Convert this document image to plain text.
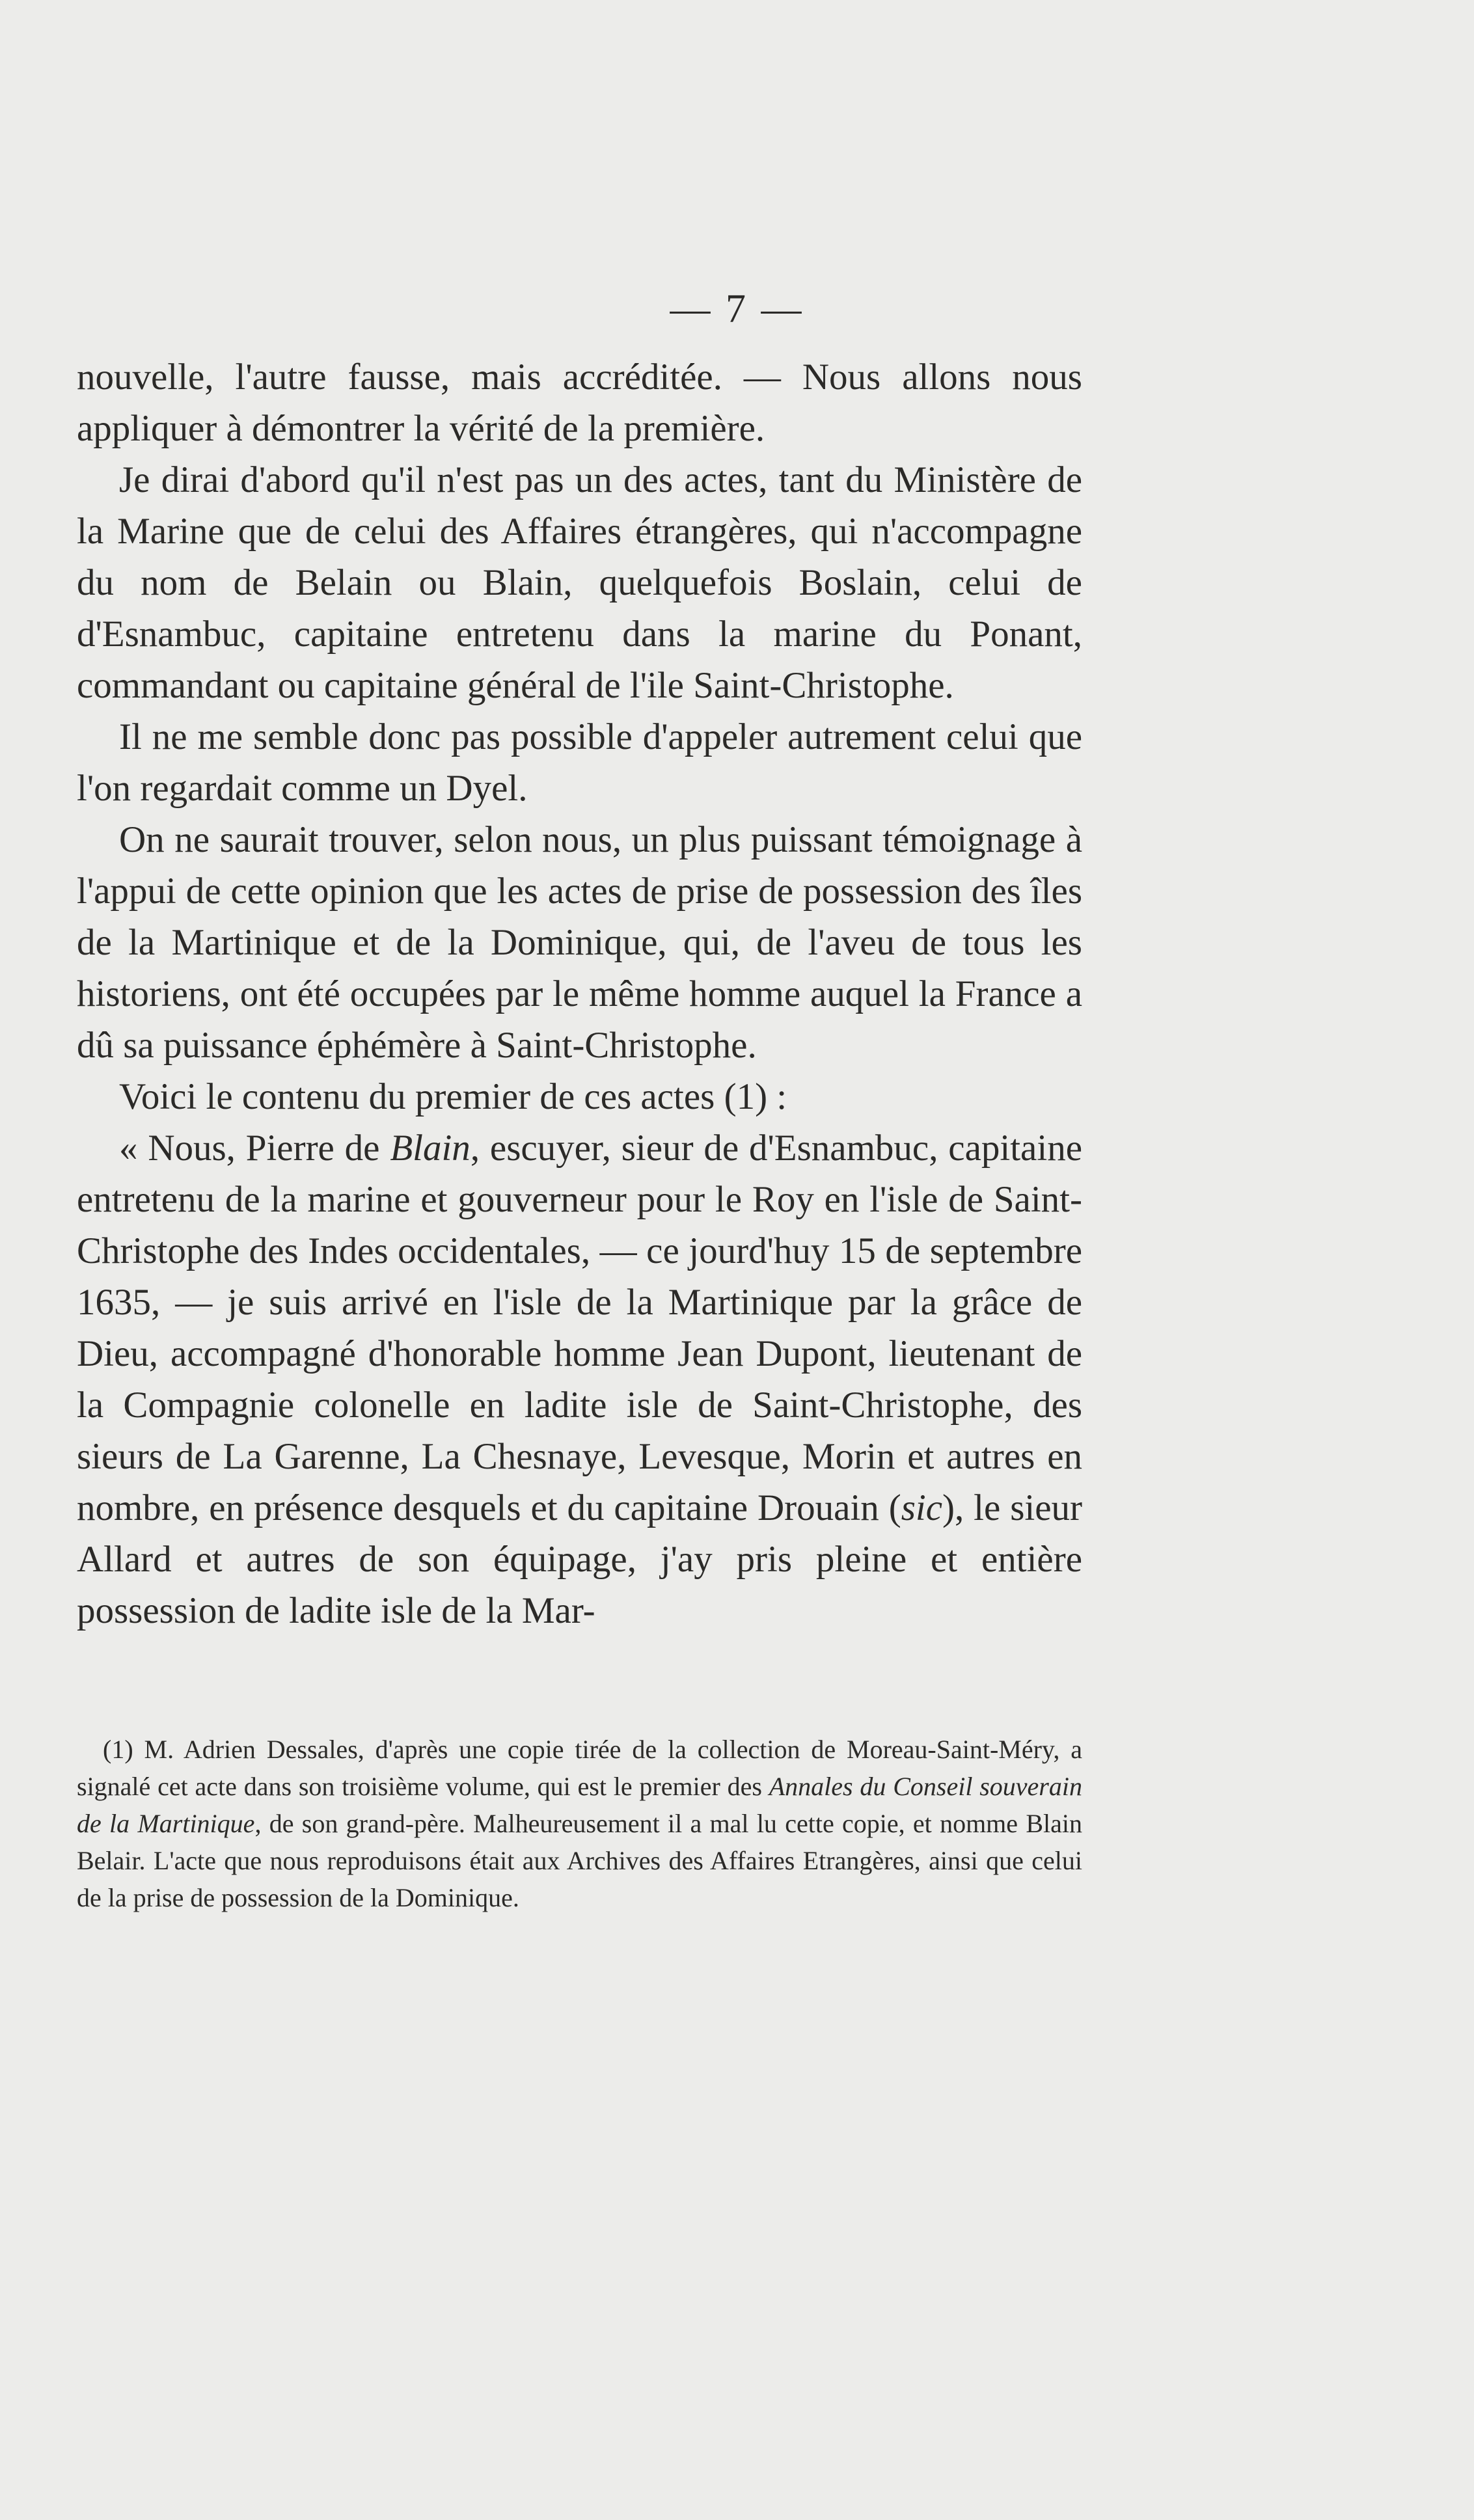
— 7 —

nouvelle, l'autre fausse, mais accréditée. — Nous allons nous appliquer à démontrer la vérité de la première.

Je dirai d'abord qu'il n'est pas un des actes, tant du Ministère de la Marine que de celui des Affaires étrangères, qui n'accompagne du nom de Belain ou Blain, quelquefois Boslain, celui de d'Esnambuc, capitaine entretenu dans la marine du Ponant, commandant ou capitaine général de l'ile Saint-Christophe.

Il ne me semble donc pas possible d'appeler autrement celui que l'on regardait comme un Dyel.

On ne saurait trouver, selon nous, un plus puissant témoignage à l'appui de cette opinion que les actes de prise de possession des îles de la Martinique et de la Dominique, qui, de l'aveu de tous les historiens, ont été occupées par le même homme auquel la France a dû sa puissance éphémère à Saint-Christophe.

Voici le contenu du premier de ces actes (1) :

« Nous, Pierre de Blain, escuyer, sieur de d'Esnambuc, capitaine entretenu de la marine et gouverneur pour le Roy en l'isle de Saint-Christophe des Indes occidentales, — ce jourd'huy 15 de septembre 1635, — je suis arrivé en l'isle de la Martinique par la grâce de Dieu, accompagné d'honorable homme Jean Dupont, lieutenant de la Compagnie colonelle en ladite isle de Saint-Christophe, des sieurs de La Garenne, La Chesnaye, Levesque, Morin et autres en nombre, en présence desquels et du capitaine Drouain (sic), le sieur Allard et autres de son équipage, j'ay pris pleine et entière possession de ladite isle de la Mar-

(1) M. Adrien Dessales, d'après une copie tirée de la collection de Moreau-Saint-Méry, a signalé cet acte dans son troisième volume, qui est le premier des Annales du Conseil souverain de la Martinique, de son grand-père. Malheureusement il a mal lu cette copie, et nomme Blain Belair. L'acte que nous reproduisons était aux Archives des Affaires Etrangères, ainsi que celui de la prise de possession de la Dominique.
